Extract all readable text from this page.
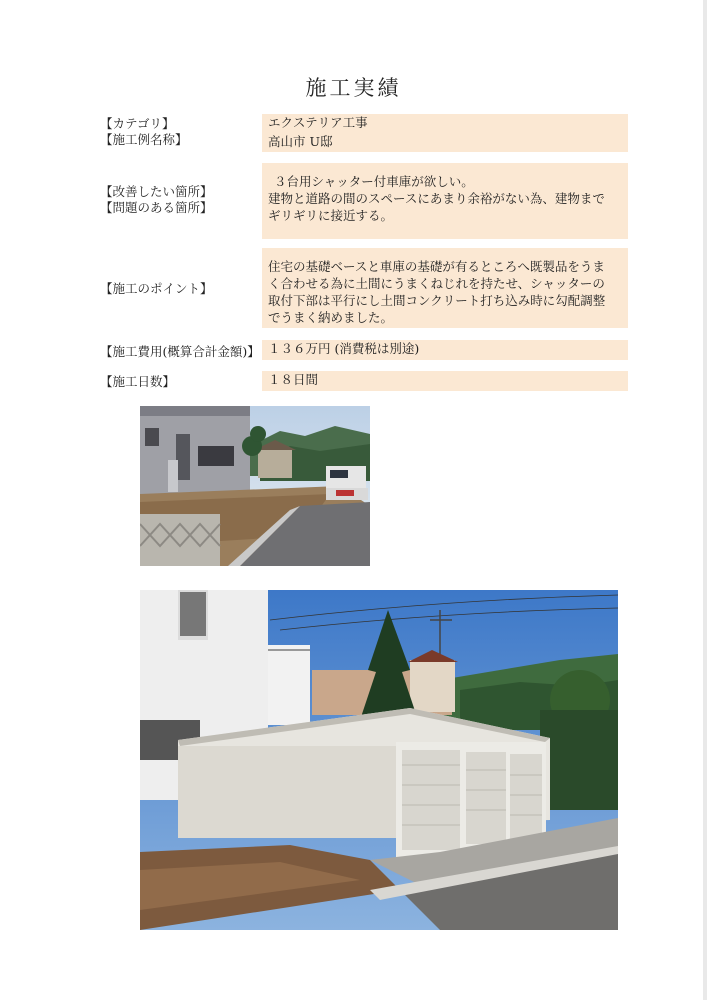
施工実績
【カテゴリ】
【施工例名称】
【改善したい箇所】
【問題のある箇所】
【施工のポイント】
【施工費用(概算合計金額)】
【施工日数】
エクステリア工事
高山市 U邸
３台用シャッター付車庫が欲しい。
建物と道路の間のスペースにあまり余裕がない為、建物まで
ギリギリに接近する。
住宅の基礎ベースと車庫の基礎が有るところへ既製品をうま
く合わせる為に土間にうまくねじれを持たせ、シャッターの
取付下部は平行にし土間コンクリート打ち込み時に勾配調整
でうまく納めました。
１３６万円 (消費税は別途)
１８日間
